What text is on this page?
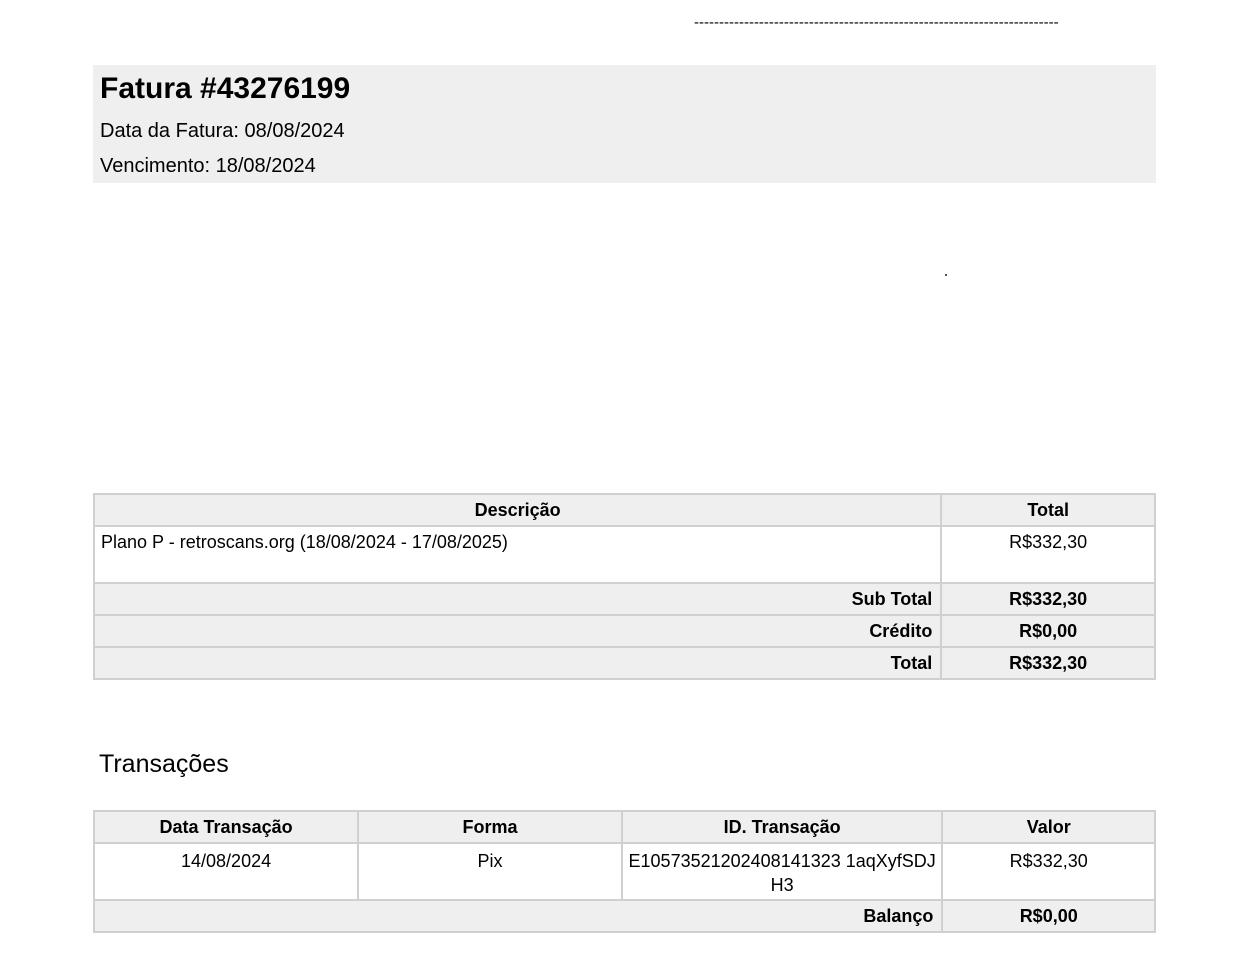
-------------------------------------------------------------------------
Fatura #43276199
Data da Fatura: 08/08/2024
Vencimento: 18/08/2024
Descrição	Total
Plano P - retroscans.org (18/08/2024 - 17/08/2025)	R$332,30
Sub Total	R$332,30
Crédito	R$0,00
Total	R$332,30
Transações
Data Transação	Forma	ID. Transação	Valor
14/08/2024	Pix	E10573521202408141323 1aqXyfSDJH3	R$332,30
Balanço			R$0,00
